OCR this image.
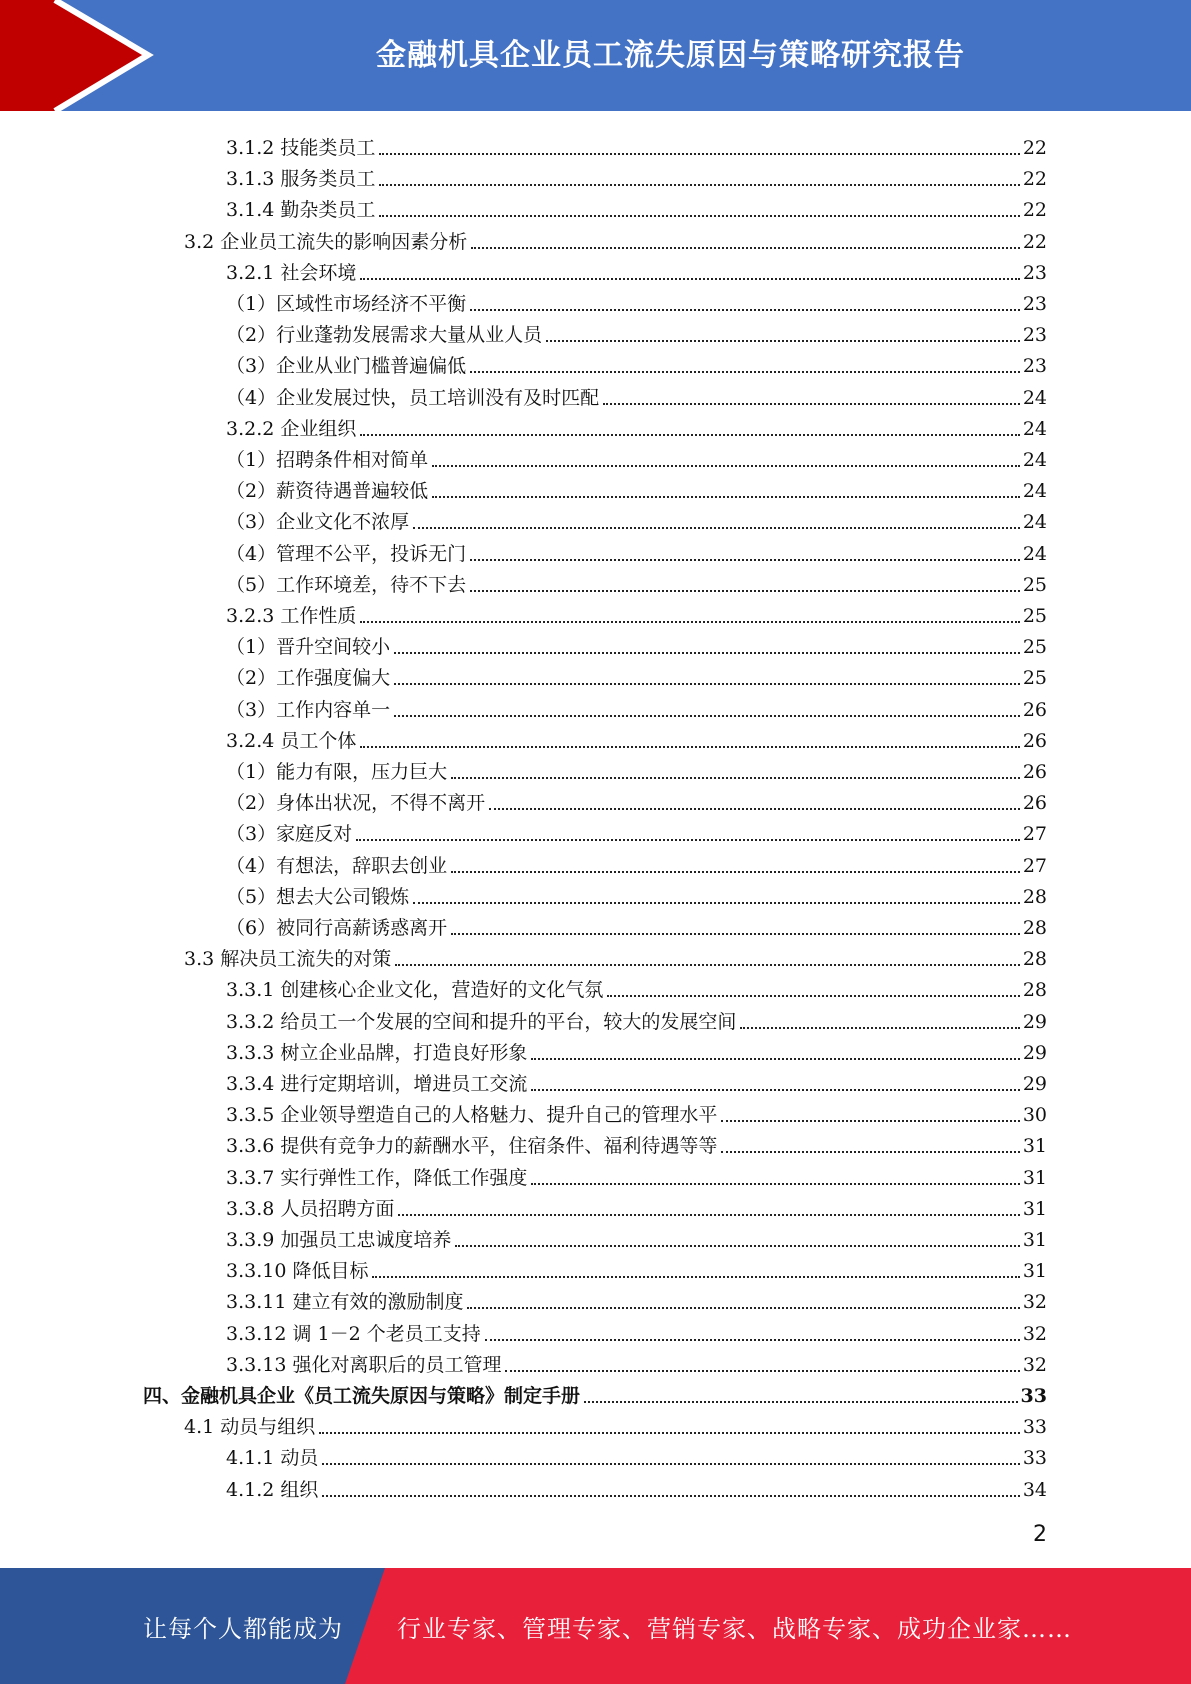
金融机具企业员工流失原因与策略研究报告
3.1.2 技能类员工	22
3.1.3 服务类员工	22
3.1.4 勤杂类员工	22
3.2 企业员工流失的影响因素分析	22
3.2.1 社会环境	23
（1）区域性市场经济不平衡	23
（2）行业蓬勃发展需求大量从业人员	23
（3）企业从业门槛普遍偏低	23
（4）企业发展过快，员工培训没有及时匹配	24
3.2.2 企业组织	24
（1）招聘条件相对简单	24
（2）薪资待遇普遍较低	24
（3）企业文化不浓厚	24
（4）管理不公平，投诉无门	24
（5）工作环境差，待不下去	25
3.2.3 工作性质	25
（1）晋升空间较小	25
（2）工作强度偏大	25
（3）工作内容单一	26
3.2.4 员工个体	26
（1）能力有限，压力巨大	26
（2）身体出状况，不得不离开	26
（3）家庭反对	27
（4）有想法，辞职去创业	27
（5）想去大公司锻炼	28
（6）被同行高薪诱惑离开	28
3.3 解决员工流失的对策	28
3.3.1 创建核心企业文化，营造好的文化气氛	28
3.3.2 给员工一个发展的空间和提升的平台，较大的发展空间	29
3.3.3 树立企业品牌，打造良好形象	29
3.3.4 进行定期培训，增进员工交流	29
3.3.5 企业领导塑造自己的人格魅力、提升自己的管理水平	30
3.3.6 提供有竞争力的薪酬水平，住宿条件、福利待遇等等	31
3.3.7 实行弹性工作，降低工作强度	31
3.3.8 人员招聘方面	31
3.3.9 加强员工忠诚度培养	31
3.3.10 降低目标	31
3.3.11 建立有效的激励制度	32
3.3.12 调 1－2 个老员工支持	32
3.3.13 强化对离职后的员工管理	32
四、金融机具企业《员工流失原因与策略》制定手册	33
4.1 动员与组织	33
4.1.1 动员	33
4.1.2 组织	34
2
让每个人都能成为 行业专家、管理专家、营销专家、战略专家、成功企业家……
